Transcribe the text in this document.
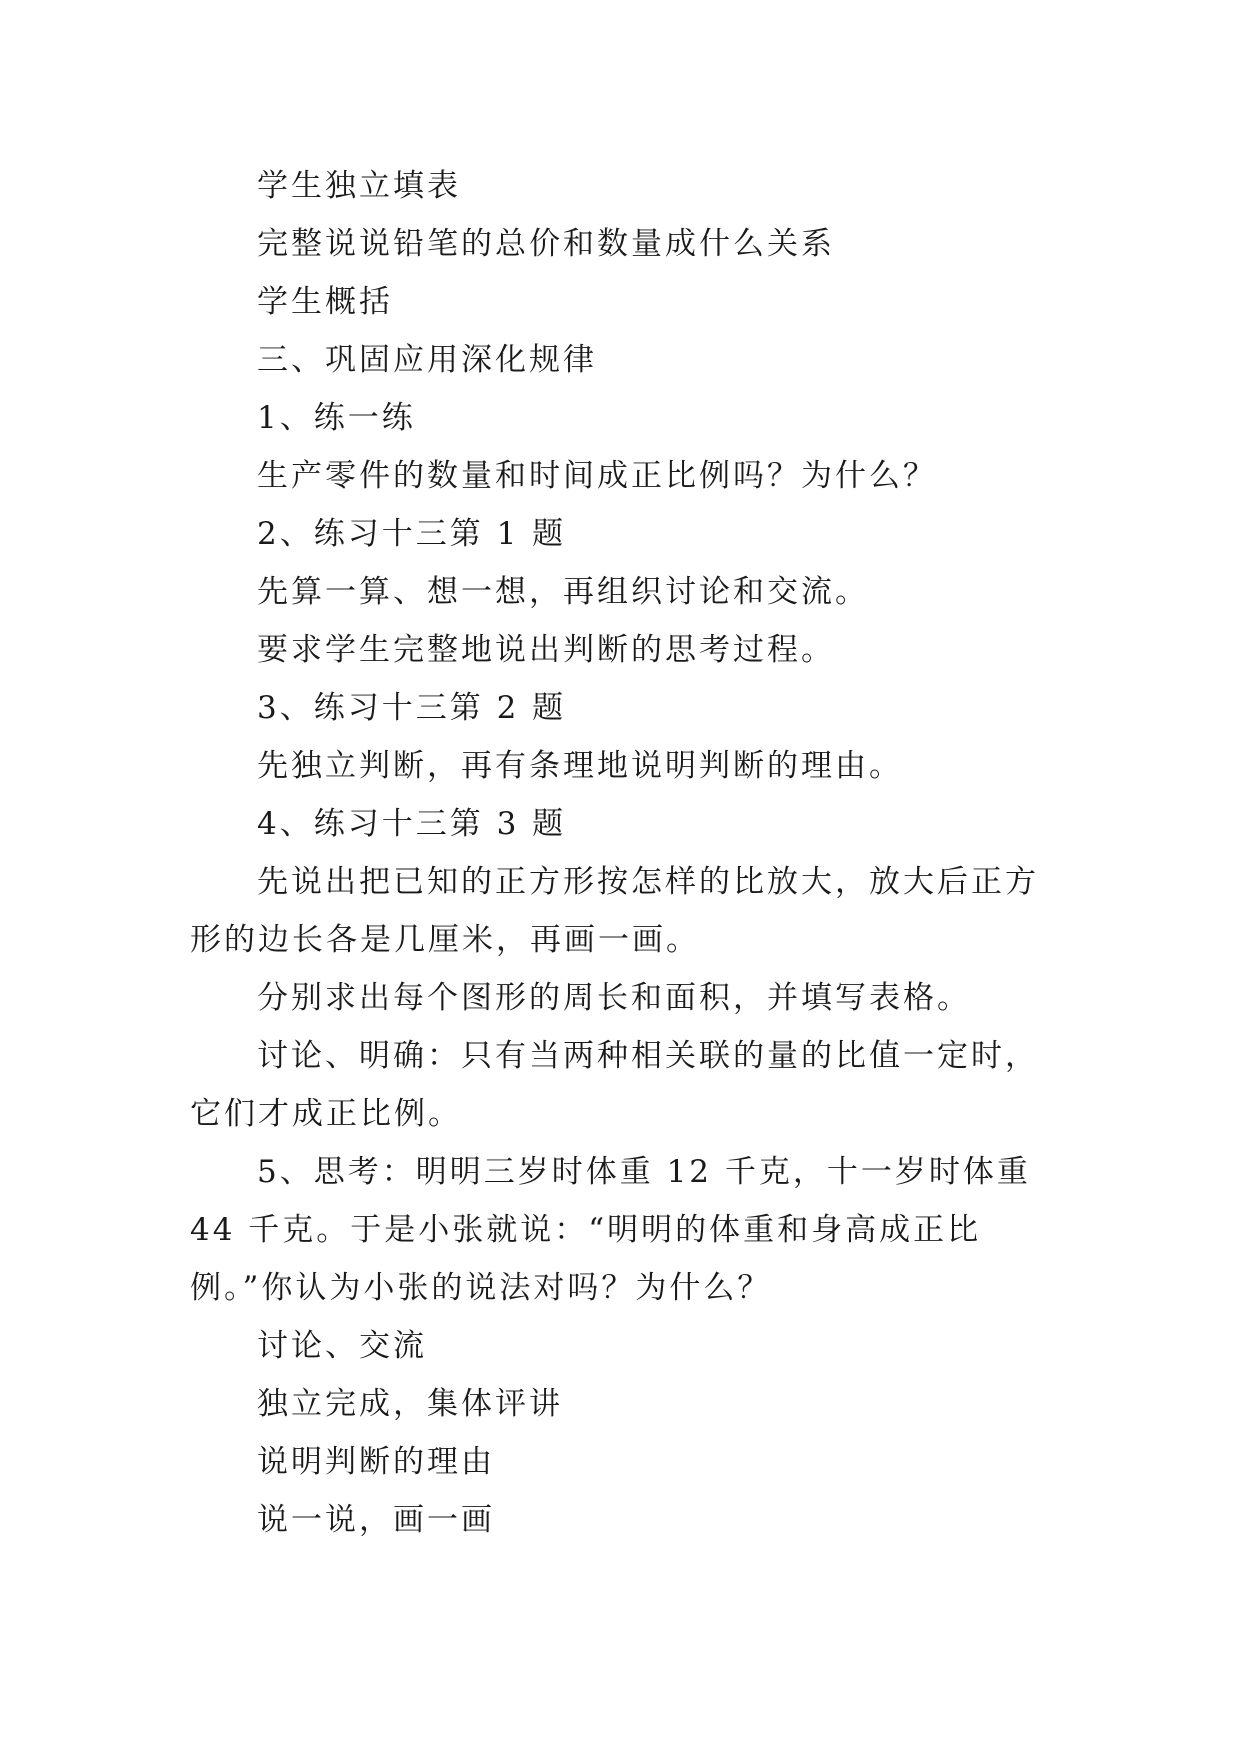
学生独立填表

完整说说铅笔的总价和数量成什么关系

学生概括

三、巩固应用深化规律

1、练一练

生产零件的数量和时间成正比例吗？为什么？

2、练习十三第 1 题

先算一算、想一想，再组织讨论和交流。

要求学生完整地说出判断的思考过程。

3、练习十三第 2 题

先独立判断，再有条理地说明判断的理由。

4、练习十三第 3 题

先说出把已知的正方形按怎样的比放大，放大后正方形的边长各是几厘米，再画一画。

分别求出每个图形的周长和面积，并填写表格。

讨论、明确：只有当两种相关联的量的比值一定时，它们才成正比例。

5、思考：明明三岁时体重 12 千克，十一岁时体重 44 千克。于是小张就说：“明明的体重和身高成正比例。”你认为小张的说法对吗？为什么？

讨论、交流

独立完成，集体评讲

说明判断的理由

说一说，画一画
